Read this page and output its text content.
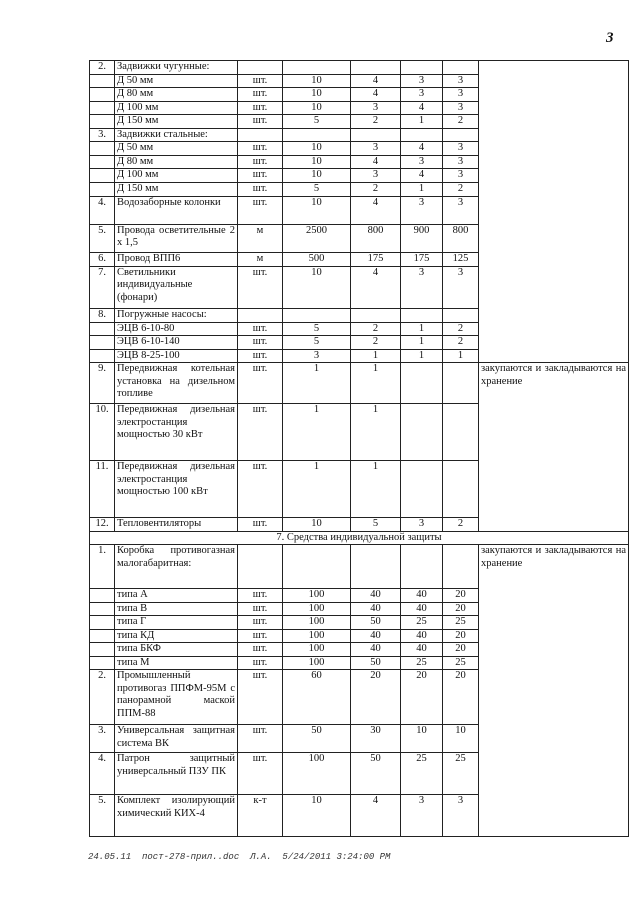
3
2.	Задвижки чугунные:						
	Д 50 мм	шт.	10	4	3	3	
	Д 80 мм	шт.	10	4	3	3	
	Д 100 мм	шт.	10	3	4	3	
	Д 150 мм	шт.	5	2	1	2	
3.	Задвижки стальные:						
	Д 50 мм	шт.	10	3	4	3	
	Д 80 мм	шт.	10	4	3	3	
	Д 100 мм	шт.	10	3	4	3	
	Д 150 мм	шт.	5	2	1	2	
4.	Водозаборные колонки	шт.	10	4	3	3	
5.	Провода осветительные 2 х 1,5	м	2500	800	900	800	
6.	Провод ВПП6	м	500	175	175	125	
7.	Светильники индивидуальные (фонари)	шт.	10	4	3	3	
8.	Погружные насосы:						
	ЭЦВ 6-10-80	шт.	5	2	1	2	
	ЭЦВ 6-10-140	шт.	5	2	1	2	
	ЭЦВ 8-25-100	шт.	3	1	1	1	
9.	Передвижная котельная установка на дизельном топливе	шт.	1	1			закупаются и закладываются на хранение
10.	Передвижная дизельная электростанция мощностью 30 кВт	шт.	1	1			
11.	Передвижная дизельная электростанция мощностью 100 кВт	шт.	1	1			
12.	Тепловентиляторы	шт.	10	5	3	2	
7. Средства индивидуальной защиты							
1.	Коробка противогазная малогабаритная:						закупаются и закладываются на хранение
	типа А	шт.	100	40	40	20	
	типа В	шт.	100	40	40	20	
	типа Г	шт.	100	50	25	25	
	типа КД	шт.	100	40	40	20	
	типа БКФ	шт.	100	40	40	20	
	типа М	шт.	100	50	25	25	
2.	Промышленный противогаз ППФМ-95М с панорамной маской ППМ-88	шт.	60	20	20	20	
3.	Универсальная защитная система ВК	шт.	50	30	10	10	
4.	Патрон защитный универсальный ПЗУ ПК	шт.	100	50	25	25	
5.	Комплект изолирующий химический КИХ-4	к-т	10	4	3	3	
24.05.11  пост-278-прил..doc  Л.А.  5/24/2011 3:24:00 PM
